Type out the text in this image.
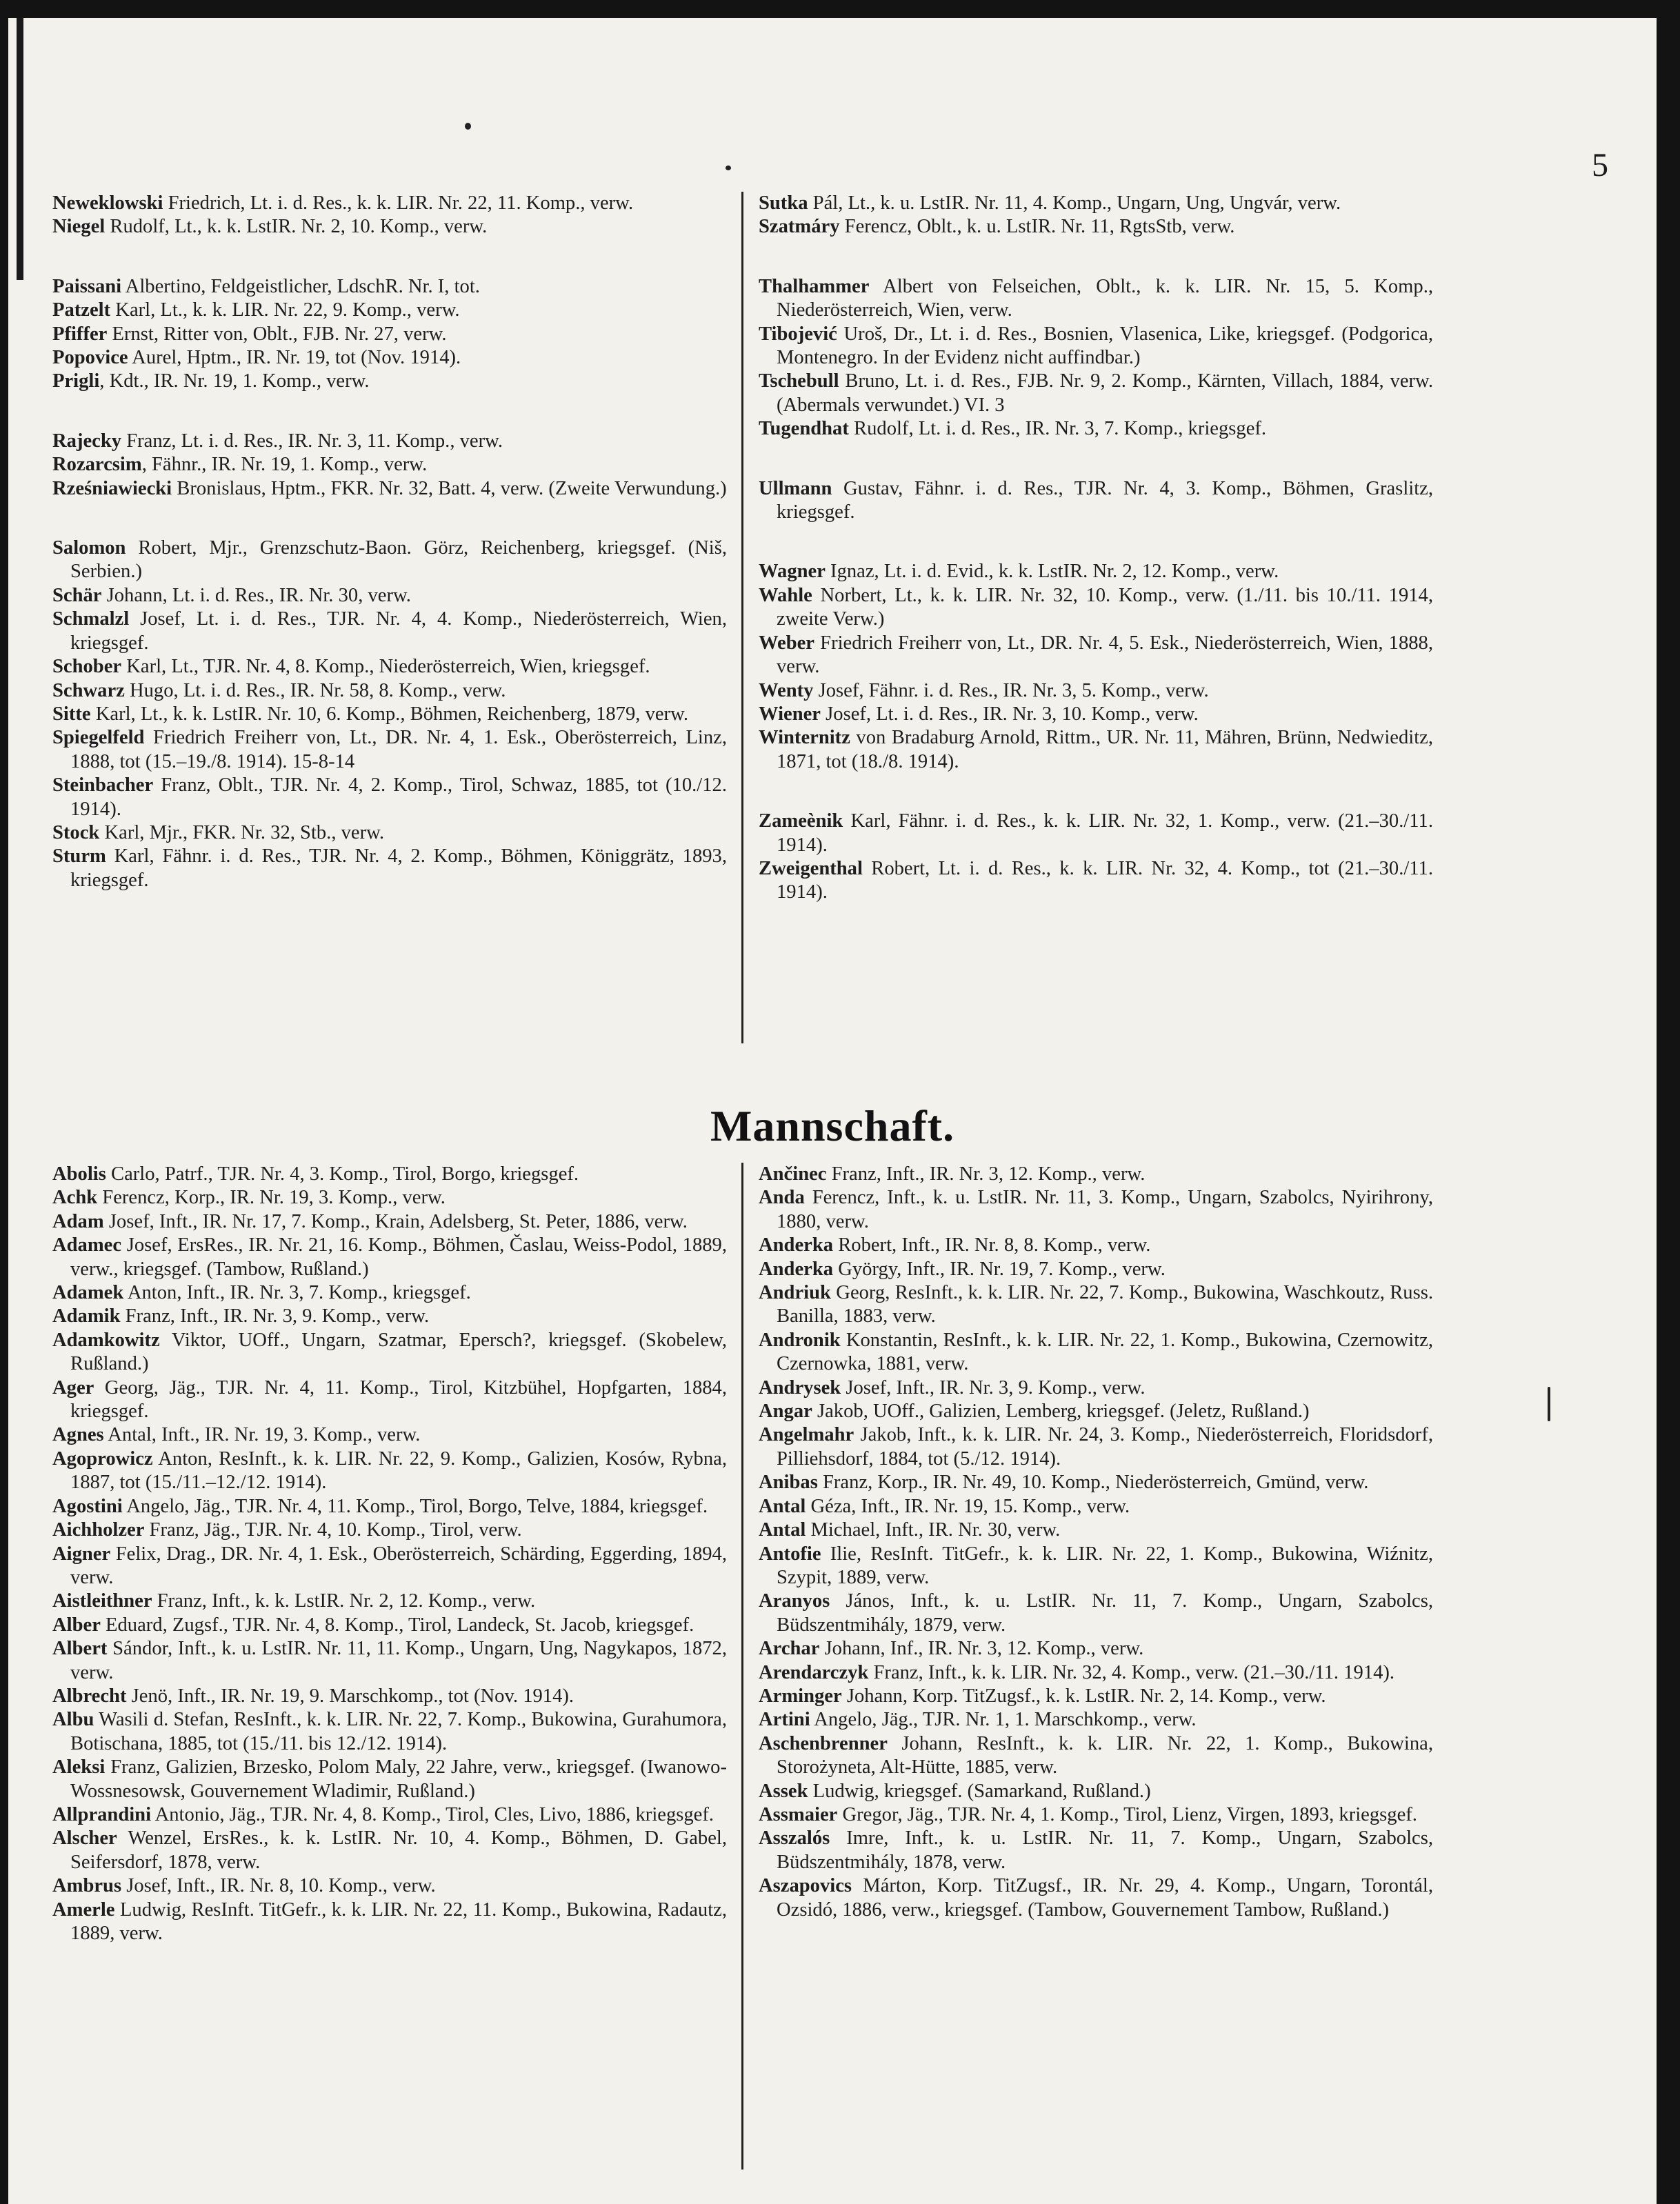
5

Neweklowski Friedrich, Lt. i. d. Res., k. k. LIR. Nr. 22, 11. Komp., verw.

Niegel Rudolf, Lt., k. k. LstIR. Nr. 2, 10. Komp., verw.

Paissani Albertino, Feldgeistlicher, LdschR. Nr. I, tot.

Patzelt Karl, Lt., k. k. LIR. Nr. 22, 9. Komp., verw.

Pfiffer Ernst, Ritter von, Oblt., FJB. Nr. 27, verw.

Popovice Aurel, Hptm., IR. Nr. 19, tot (Nov. 1914).

Prigli, Kdt., IR. Nr. 19, 1. Komp., verw.

Rajecky Franz, Lt. i. d. Res., IR. Nr. 3, 11. Komp., verw.

Rozarcsim, Fähnr., IR. Nr. 19, 1. Komp., verw.

Rześniawiecki Bronislaus, Hptm., FKR. Nr. 32, Batt. 4, verw. (Zweite Verwundung.)

Salomon Robert, Mjr., Grenzschutz-Baon. Görz, Reichenberg, kriegsgef. (Niš, Serbien.)

Schär Johann, Lt. i. d. Res., IR. Nr. 30, verw.

Schmalzl Josef, Lt. i. d. Res., TJR. Nr. 4, 4. Komp., Niederösterreich, Wien, kriegsgef.

Schober Karl, Lt., TJR. Nr. 4, 8. Komp., Niederösterreich, Wien, kriegsgef.

Schwarz Hugo, Lt. i. d. Res., IR. Nr. 58, 8. Komp., verw.

Sitte Karl, Lt., k. k. LstIR. Nr. 10, 6. Komp., Böhmen, Reichenberg, 1879, verw.

Spiegelfeld Friedrich Freiherr von, Lt., DR. Nr. 4, 1. Esk., Oberösterreich, Linz, 1888, tot (15.–19./8. 1914). 15-8-14

Steinbacher Franz, Oblt., TJR. Nr. 4, 2. Komp., Tirol, Schwaz, 1885, tot (10./12. 1914).

Stock Karl, Mjr., FKR. Nr. 32, Stb., verw.

Sturm Karl, Fähnr. i. d. Res., TJR. Nr. 4, 2. Komp., Böhmen, Königgrätz, 1893, kriegsgef.

Sutka Pál, Lt., k. u. LstIR. Nr. 11, 4. Komp., Ungarn, Ung, Ungvár, verw.

Szatmáry Ferencz, Oblt., k. u. LstIR. Nr. 11, RgtsStb, verw.

Thalhammer Albert von Felseichen, Oblt., k. k. LIR. Nr. 15, 5. Komp., Niederösterreich, Wien, verw.

Tibojević Uroš, Dr., Lt. i. d. Res., Bosnien, Vlasenica, Like, kriegsgef. (Podgorica, Montenegro. In der Evidenz nicht auffindbar.)

Tschebull Bruno, Lt. i. d. Res., FJB. Nr. 9, 2. Komp., Kärnten, Villach, 1884, verw. (Abermals verwundet.) VI. 3

Tugendhat Rudolf, Lt. i. d. Res., IR. Nr. 3, 7. Komp., kriegsgef.

Ullmann Gustav, Fähnr. i. d. Res., TJR. Nr. 4, 3. Komp., Böhmen, Graslitz, kriegsgef.

Wagner Ignaz, Lt. i. d. Evid., k. k. LstIR. Nr. 2, 12. Komp., verw.

Wahle Norbert, Lt., k. k. LIR. Nr. 32, 10. Komp., verw. (1./11. bis 10./11. 1914, zweite Verw.)

Weber Friedrich Freiherr von, Lt., DR. Nr. 4, 5. Esk., Niederösterreich, Wien, 1888, verw.

Wenty Josef, Fähnr. i. d. Res., IR. Nr. 3, 5. Komp., verw.

Wiener Josef, Lt. i. d. Res., IR. Nr. 3, 10. Komp., verw.

Winternitz von Bradaburg Arnold, Rittm., UR. Nr. 11, Mähren, Brünn, Nedwieditz, 1871, tot (18./8. 1914).

Zameènik Karl, Fähnr. i. d. Res., k. k. LIR. Nr. 32, 1. Komp., verw. (21.–30./11. 1914).

Zweigenthal Robert, Lt. i. d. Res., k. k. LIR. Nr. 32, 4. Komp., tot (21.–30./11. 1914).

Mannschaft.

Abolis Carlo, Patrf., TJR. Nr. 4, 3. Komp., Tirol, Borgo, kriegsgef.

Achk Ferencz, Korp., IR. Nr. 19, 3. Komp., verw.

Adam Josef, Inft., IR. Nr. 17, 7. Komp., Krain, Adelsberg, St. Peter, 1886, verw.

Adamec Josef, ErsRes., IR. Nr. 21, 16. Komp., Böhmen, Časlau, Weiss-Podol, 1889, verw., kriegsgef. (Tambow, Rußland.)

Adamek Anton, Inft., IR. Nr. 3, 7. Komp., kriegsgef.

Adamik Franz, Inft., IR. Nr. 3, 9. Komp., verw.

Adamkowitz Viktor, UOff., Ungarn, Szatmar, Epersch?, kriegsgef. (Skobelew, Rußland.)

Ager Georg, Jäg., TJR. Nr. 4, 11. Komp., Tirol, Kitzbühel, Hopfgarten, 1884, kriegsgef.

Agnes Antal, Inft., IR. Nr. 19, 3. Komp., verw.

Agoprowicz Anton, ResInft., k. k. LIR. Nr. 22, 9. Komp., Galizien, Kosów, Rybna, 1887, tot (15./11.–12./12. 1914).

Agostini Angelo, Jäg., TJR. Nr. 4, 11. Komp., Tirol, Borgo, Telve, 1884, kriegsgef.

Aichholzer Franz, Jäg., TJR. Nr. 4, 10. Komp., Tirol, verw.

Aigner Felix, Drag., DR. Nr. 4, 1. Esk., Oberösterreich, Schärding, Eggerding, 1894, verw.

Aistleithner Franz, Inft., k. k. LstIR. Nr. 2, 12. Komp., verw.

Alber Eduard, Zugsf., TJR. Nr. 4, 8. Komp., Tirol, Landeck, St. Jacob, kriegsgef.

Albert Sándor, Inft., k. u. LstIR. Nr. 11, 11. Komp., Ungarn, Ung, Nagykapos, 1872, verw.

Albrecht Jenö, Inft., IR. Nr. 19, 9. Marschkomp., tot (Nov. 1914).

Albu Wasili d. Stefan, ResInft., k. k. LIR. Nr. 22, 7. Komp., Bukowina, Gurahumora, Botischana, 1885, tot (15./11. bis 12./12. 1914).

Aleksi Franz, Galizien, Brzesko, Polom Maly, 22 Jahre, verw., kriegsgef. (Iwanowo-Wossnesowsk, Gouvernement Wladimir, Rußland.)

Allprandini Antonio, Jäg., TJR. Nr. 4, 8. Komp., Tirol, Cles, Livo, 1886, kriegsgef.

Alscher Wenzel, ErsRes., k. k. LstIR. Nr. 10, 4. Komp., Böhmen, D. Gabel, Seifersdorf, 1878, verw.

Ambrus Josef, Inft., IR. Nr. 8, 10. Komp., verw.

Amerle Ludwig, ResInft. TitGefr., k. k. LIR. Nr. 22, 11. Komp., Bukowina, Radautz, 1889, verw.

Ančinec Franz, Inft., IR. Nr. 3, 12. Komp., verw.

Anda Ferencz, Inft., k. u. LstIR. Nr. 11, 3. Komp., Ungarn, Szabolcs, Nyirihrony, 1880, verw.

Anderka Robert, Inft., IR. Nr. 8, 8. Komp., verw.

Anderka György, Inft., IR. Nr. 19, 7. Komp., verw.

Andriuk Georg, ResInft., k. k. LIR. Nr. 22, 7. Komp., Bukowina, Waschkoutz, Russ. Banilla, 1883, verw.

Andronik Konstantin, ResInft., k. k. LIR. Nr. 22, 1. Komp., Bukowina, Czernowitz, Czernowka, 1881, verw.

Andrysek Josef, Inft., IR. Nr. 3, 9. Komp., verw.

Angar Jakob, UOff., Galizien, Lemberg, kriegsgef. (Jeletz, Rußland.)

Angelmahr Jakob, Inft., k. k. LIR. Nr. 24, 3. Komp., Niederösterreich, Floridsdorf, Pilliehsdorf, 1884, tot (5./12. 1914).

Anibas Franz, Korp., IR. Nr. 49, 10. Komp., Niederösterreich, Gmünd, verw.

Antal Géza, Inft., IR. Nr. 19, 15. Komp., verw.

Antal Michael, Inft., IR. Nr. 30, verw.

Antofie Ilie, ResInft. TitGefr., k. k. LIR. Nr. 22, 1. Komp., Bukowina, Wiźnitz, Szypit, 1889, verw.

Aranyos János, Inft., k. u. LstIR. Nr. 11, 7. Komp., Ungarn, Szabolcs, Büdszentmihály, 1879, verw.

Archar Johann, Inf., IR. Nr. 3, 12. Komp., verw.

Arendarczyk Franz, Inft., k. k. LIR. Nr. 32, 4. Komp., verw. (21.–30./11. 1914).

Arminger Johann, Korp. TitZugsf., k. k. LstIR. Nr. 2, 14. Komp., verw.

Artini Angelo, Jäg., TJR. Nr. 1, 1. Marschkomp., verw.

Aschenbrenner Johann, ResInft., k. k. LIR. Nr. 22, 1. Komp., Bukowina, Storożyneta, Alt-Hütte, 1885, verw.

Assek Ludwig, kriegsgef. (Samarkand, Rußland.)

Assmaier Gregor, Jäg., TJR. Nr. 4, 1. Komp., Tirol, Lienz, Virgen, 1893, kriegsgef.

Asszalós Imre, Inft., k. u. LstIR. Nr. 11, 7. Komp., Ungarn, Szabolcs, Büdszentmihály, 1878, verw.

Aszapovics Márton, Korp. TitZugsf., IR. Nr. 29, 4. Komp., Ungarn, Torontál, Ozsidó, 1886, verw., kriegsgef. (Tambow, Gouvernement Tambow, Rußland.)
